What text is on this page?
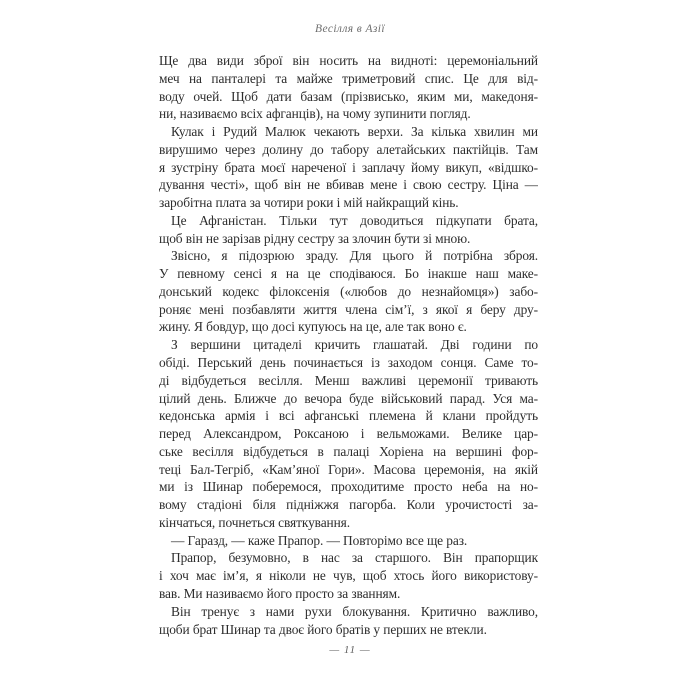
Весілля в Азії
Ще два види зброї він носить на видноті: церемоніальний
меч на панталері та майже триметровий спис. Це для від-
воду очей. Щоб дати базам (прізвисько, яким ми, македоня-
ни, називаємо всіх афганців), на чому зупинити погляд.
Кулак і Рудий Малюк чекають верхи. За кілька хвилин ми
вирушимо через долину до табору алетайських пактійців. Там
я зустріну брата моєї нареченої і заплачу йому викуп, «відшко-
дування честі», щоб він не вбивав мене і свою сестру. Ціна —
заробітна плата за чотири роки і мій найкращий кінь.
Це Афганістан. Тільки тут доводиться підкупати брата,
щоб він не зарізав рідну сестру за злочин бути зі мною.
Звісно, я підозрюю зраду. Для цього й потрібна зброя.
У певному сенсі я на це сподіваюся. Бо інакше наш маке-
донський кодекс філоксенія («любов до незнайомця») забо-
роняє мені позбавляти життя члена сім’ї, з якої я беру дру-
жину. Я бовдур, що досі купуюсь на це, але так воно є.
З вершини цитаделі кричить глашатай. Дві години по
обіді. Перський день починається із заходом сонця. Саме то-
ді відбудеться весілля. Менш важливі церемонії тривають
цілий день. Ближче до вечора буде військовий парад. Уся ма-
кедонська армія і всі афганські племена й клани пройдуть
перед Александром, Роксаною і вельможами. Велике цар-
ське весілля відбудеться в палаці Хоріена на вершині фор-
теці Бал-Тегріб, «Кам’яної Гори». Масова церемонія, на якій
ми із Шинар поберемося, проходитиме просто неба на но-
вому стадіоні біля підніжжя пагорба. Коли урочистості за-
кінчаться, почнеться святкування.
— Гаразд, — каже Прапор. — Повторімо все ще раз.
Прапор, безумовно, в нас за старшого. Він прапорщик
і хоч має ім’я, я ніколи не чув, щоб хтось його використову-
вав. Ми називаємо його просто за званням.
Він тренує з нами рухи блокування. Критично важливо,
щоби брат Шинар та двоє його братів у перших не втекли.
— 11 —
